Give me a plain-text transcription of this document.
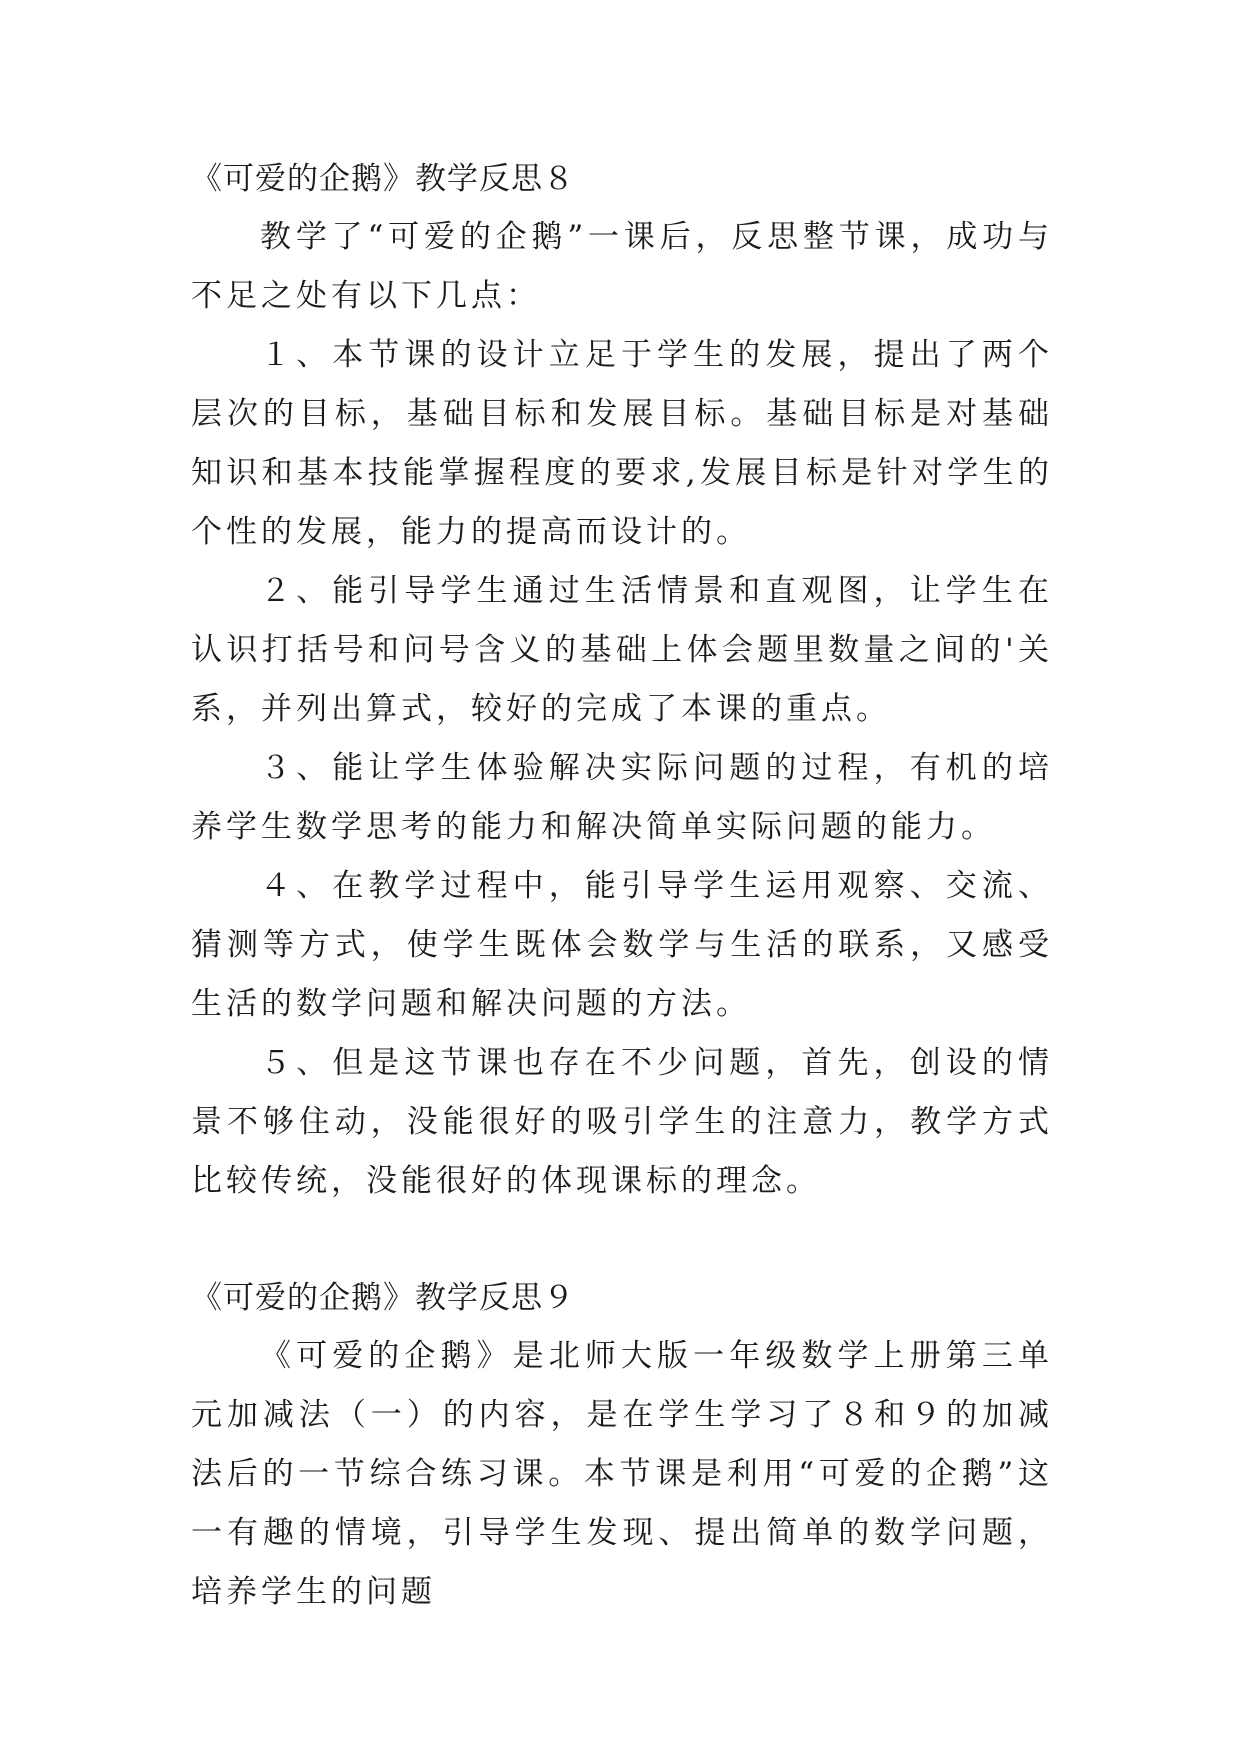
《可爱的企鹅》教学反思８

教学了“可爱的企鹅”一课后，反思整节课，成功与不足之处有以下几点：

１、本节课的设计立足于学生的发展，提出了两个层次的目标，基础目标和发展目标。基础目标是对基础知识和基本技能掌握程度的要求,发展目标是针对学生的个性的发展，能力的提高而设计的。

２、能引导学生通过生活情景和直观图，让学生在认识打括号和问号含义的基础上体会题里数量之间的'关系，并列出算式，较好的完成了本课的重点。

３、能让学生体验解决实际问题的过程，有机的培养学生数学思考的能力和解决简单实际问题的能力。

４、在教学过程中，能引导学生运用观察、交流、猜测等方式，使学生既体会数学与生活的联系，又感受生活的数学问题和解决问题的方法。

５、但是这节课也存在不少问题，首先，创设的情景不够住动，没能很好的吸引学生的注意力，教学方式比较传统，没能很好的体现课标的理念。

《可爱的企鹅》教学反思９

《可爱的企鹅》是北师大版一年级数学上册第三单元加减法（一）的内容，是在学生学习了８和９的加减法后的一节综合练习课。本节课是利用“可爱的企鹅”这一有趣的情境，引导学生发现、提出简单的数学问题，培养学生的问题
